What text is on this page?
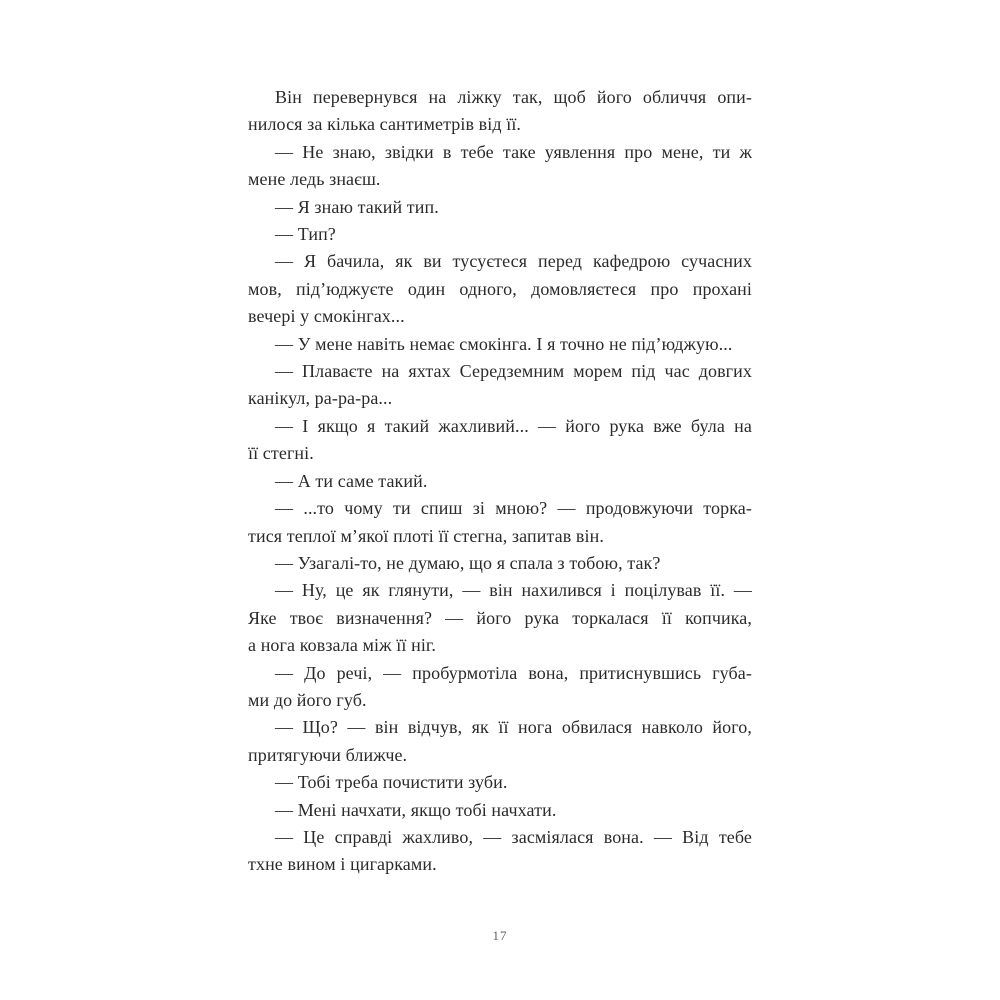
Він перевернувся на ліжку так, щоб його обличчя опи-
нилося за кілька сантиметрів від її.
— Не знаю, звідки в тебе таке уявлення про мене, ти ж
мене ледь знаєш.
— Я знаю такий тип.
— Тип?
— Я бачила, як ви тусуєтеся перед кафедрою сучасних
мов, під’юджуєте один одного, домовляєтеся про прохані
вечері у смокінгах...
— У мене навіть немає смокінга. І я точно не під’юджую...
— Плаваєте на яхтах Середземним морем під час довгих
канікул, ра-ра-ра...
— І якщо я такий жахливий... — його рука вже була на
її стегні.
— А ти саме такий.
— ...то чому ти спиш зі мною? — продовжуючи торка-
тися теплої м’якої плоті її стегна, запитав він.
— Узагалі-то, не думаю, що я спала з тобою, так?
— Ну, це як глянути, — він нахилився і поцілував її. —
Яке твоє визначення? — його рука торкалася її копчика,
а нога ковзала між її ніг.
— До речі, — пробурмотіла вона, притиснувшись губа-
ми до його губ.
— Що? — він відчув, як її нога обвилася навколо його,
притягуючи ближче.
— Тобі треба почистити зуби.
— Мені начхати, якщо тобі начхати.
— Це справді жахливо, — засміялася вона. — Від тебе
тхне вином і цигарками.
17
